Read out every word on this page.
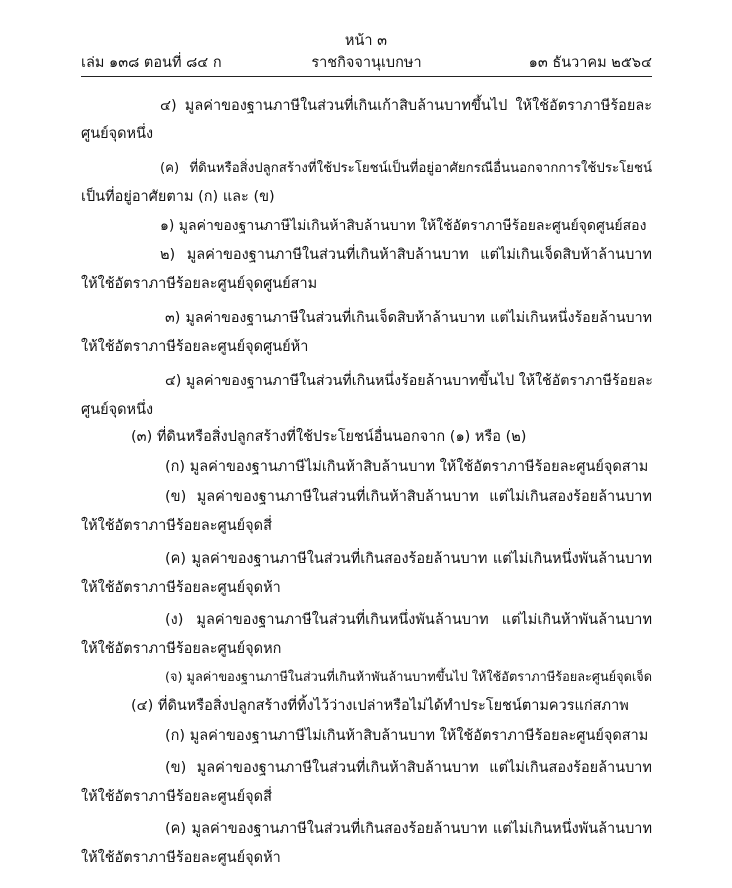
หน้า ๓
เล่ม ๑๓๘ ตอนที่ ๘๔ ก	ราชกิจจานุเบกษา	๑๓ ธันวาคม ๒๕๖๔
๔) มูลค่าของฐานภาษีในส่วนที่เกินเก้าสิบล้านบาทขึ้นไป ให้ใช้อัตราภาษีร้อยละ
ศูนย์จุดหนึ่ง
(ค) ที่ดินหรือสิ่งปลูกสร้างที่ใช้ประโยชน์เป็นที่อยู่อาศัยกรณีอื่นนอกจากการใช้ประโยชน์
เป็นที่อยู่อาศัยตาม (ก) และ (ข)
๑) มูลค่าของฐานภาษีไม่เกินห้าสิบล้านบาท ให้ใช้อัตราภาษีร้อยละศูนย์จุดศูนย์สอง
๒) มูลค่าของฐานภาษีในส่วนที่เกินห้าสิบล้านบาท แต่ไม่เกินเจ็ดสิบห้าล้านบาท
ให้ใช้อัตราภาษีร้อยละศูนย์จุดศูนย์สาม
๓) มูลค่าของฐานภาษีในส่วนที่เกินเจ็ดสิบห้าล้านบาท แต่ไม่เกินหนึ่งร้อยล้านบาท
ให้ใช้อัตราภาษีร้อยละศูนย์จุดศูนย์ห้า
๔) มูลค่าของฐานภาษีในส่วนที่เกินหนึ่งร้อยล้านบาทขึ้นไป ให้ใช้อัตราภาษีร้อยละ
ศูนย์จุดหนึ่ง
(๓) ที่ดินหรือสิ่งปลูกสร้างที่ใช้ประโยชน์อื่นนอกจาก (๑) หรือ (๒)
(ก) มูลค่าของฐานภาษีไม่เกินห้าสิบล้านบาท ให้ใช้อัตราภาษีร้อยละศูนย์จุดสาม
(ข) มูลค่าของฐานภาษีในส่วนที่เกินห้าสิบล้านบาท แต่ไม่เกินสองร้อยล้านบาท
ให้ใช้อัตราภาษีร้อยละศูนย์จุดสี่
(ค) มูลค่าของฐานภาษีในส่วนที่เกินสองร้อยล้านบาท แต่ไม่เกินหนึ่งพันล้านบาท
ให้ใช้อัตราภาษีร้อยละศูนย์จุดห้า
(ง) มูลค่าของฐานภาษีในส่วนที่เกินหนึ่งพันล้านบาท แต่ไม่เกินห้าพันล้านบาท
ให้ใช้อัตราภาษีร้อยละศูนย์จุดหก
(จ) มูลค่าของฐานภาษีในส่วนที่เกินห้าพันล้านบาทขึ้นไป ให้ใช้อัตราภาษีร้อยละศูนย์จุดเจ็ด
(๔) ที่ดินหรือสิ่งปลูกสร้างที่ทิ้งไว้ว่างเปล่าหรือไม่ได้ทำประโยชน์ตามควรแก่สภาพ
(ก) มูลค่าของฐานภาษีไม่เกินห้าสิบล้านบาท ให้ใช้อัตราภาษีร้อยละศูนย์จุดสาม
(ข) มูลค่าของฐานภาษีในส่วนที่เกินห้าสิบล้านบาท แต่ไม่เกินสองร้อยล้านบาท
ให้ใช้อัตราภาษีร้อยละศูนย์จุดสี่
(ค) มูลค่าของฐานภาษีในส่วนที่เกินสองร้อยล้านบาท แต่ไม่เกินหนึ่งพันล้านบาท
ให้ใช้อัตราภาษีร้อยละศูนย์จุดห้า
